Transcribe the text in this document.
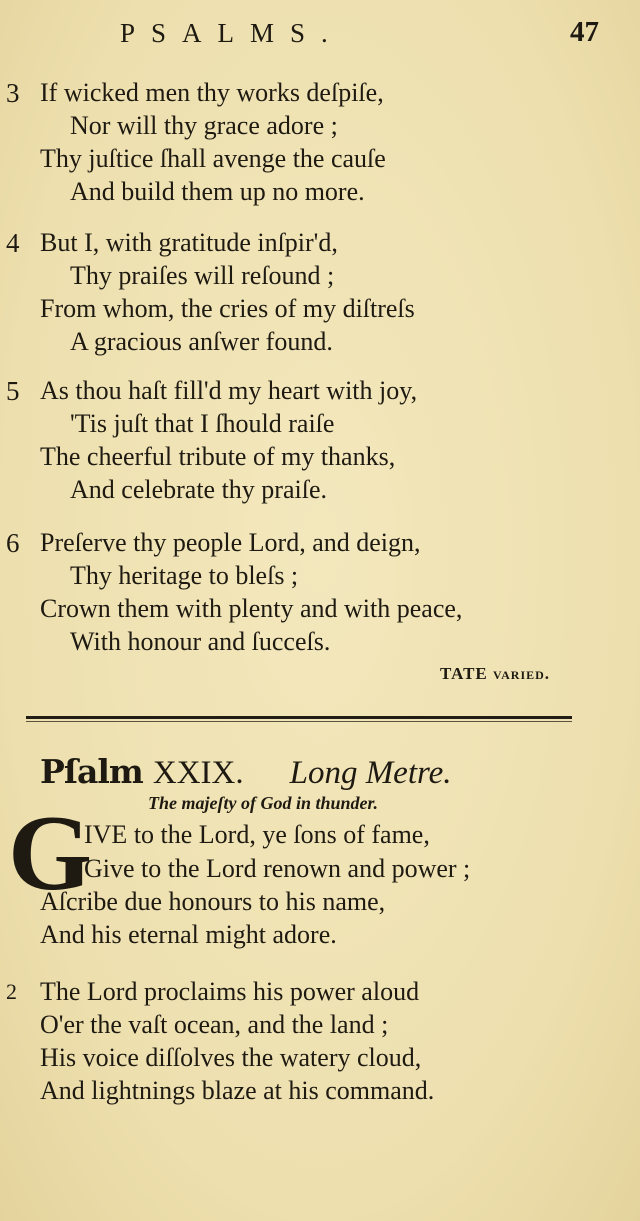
PSALMS.	47
3 If wicked men thy works deſpiſe,
Nor will thy grace adore ;
Thy juſtice ſhall avenge the cauſe
And build them up no more.
4 But I, with gratitude inſpir'd,
Thy praiſes will reſound ;
From whom, the cries of my diſtreſs
A gracious anſwer found.
5 As thou haſt fill'd my heart with joy,
'Tis juſt that I ſhould raiſe
The cheerful tribute of my thanks,
And celebrate thy praiſe.
6 Preſerve thy people Lord, and deign,
Thy heritage to bleſs ;
Crown them with plenty and with peace,
With honour and ſucceſs.
TATE varied.
Pſalm XXIX. Long Metre.
The majeſty of God in thunder.
G
IVE to the Lord, ye ſons of fame,
Give to the Lord renown and power ;
Aſcribe due honours to his name,
And his eternal might adore.
2 The Lord proclaims his power aloud
O'er the vaſt ocean, and the land ;
His voice diſſolves the watery cloud,
And lightnings blaze at his command.
